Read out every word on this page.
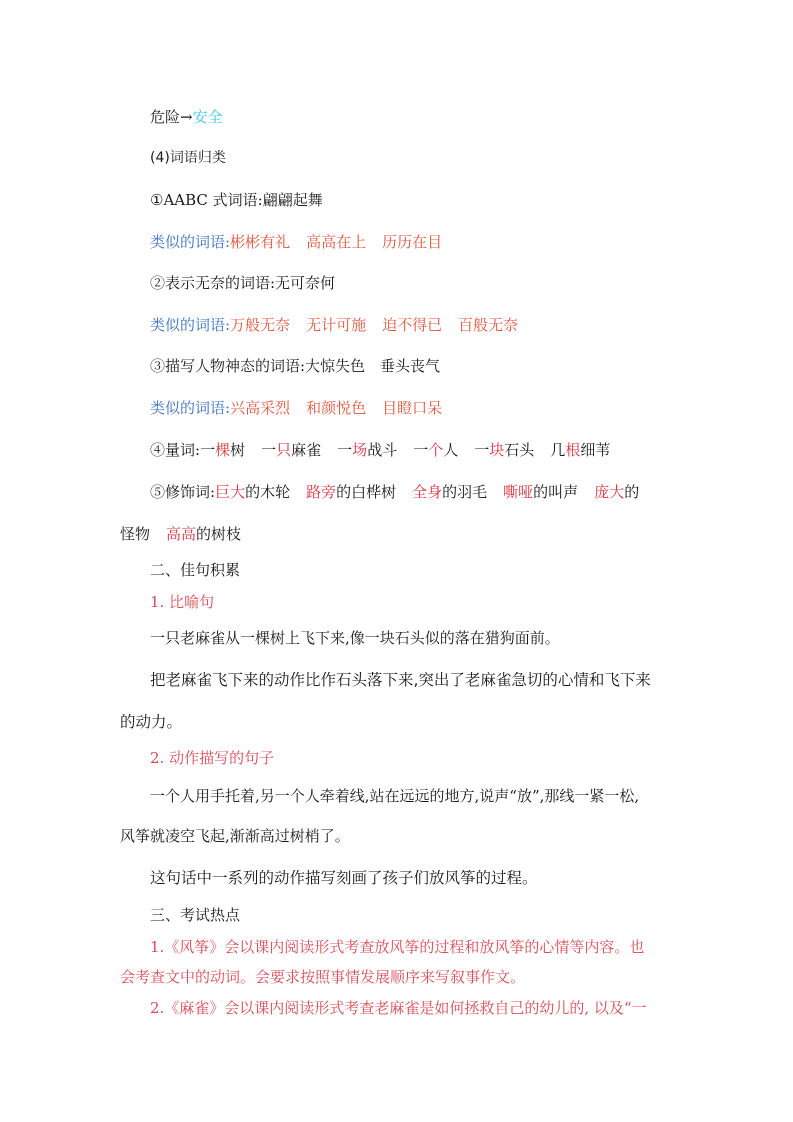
危险→安全
(4)词语归类
①AABC 式词语:翩翩起舞
类似的词语:彬彬有礼 高高在上 历历在目
②表示无奈的词语:无可奈何
类似的词语:万般无奈 无计可施 迫不得已 百般无奈
③描写人物神态的词语:大惊失色　垂头丧气
类似的词语:兴高采烈 和颜悦色 目瞪口呆
④量词:一棵树 一只麻雀 一场战斗 一个人 一块石头 几根细苇
⑤修饰词:巨大的木轮 路旁的白桦树 全身的羽毛 嘶哑的叫声 庞大的
怪物 高高的树枝
二、佳句积累
1. 比喻句
一只老麻雀从一棵树上飞下来,像一块石头似的落在猎狗面前。
把老麻雀飞下来的动作比作石头落下来,突出了老麻雀急切的心情和飞下来
的动力。
2. 动作描写的句子
一个人用手托着,另一个人牵着线,站在远远的地方,说声“放”,那线一紧一松,
风筝就凌空飞起,渐渐高过树梢了。
这句话中一系列的动作描写刻画了孩子们放风筝的过程。
三、考试热点
1.《风筝》会以课内阅读形式考查放风筝的过程和放风筝的心情等内容。也
会考查文中的动词。会要求按照事情发展顺序来写叙事作文。
2.《麻雀》会以课内阅读形式考查老麻雀是如何拯救自己的幼儿的, 以及“一
